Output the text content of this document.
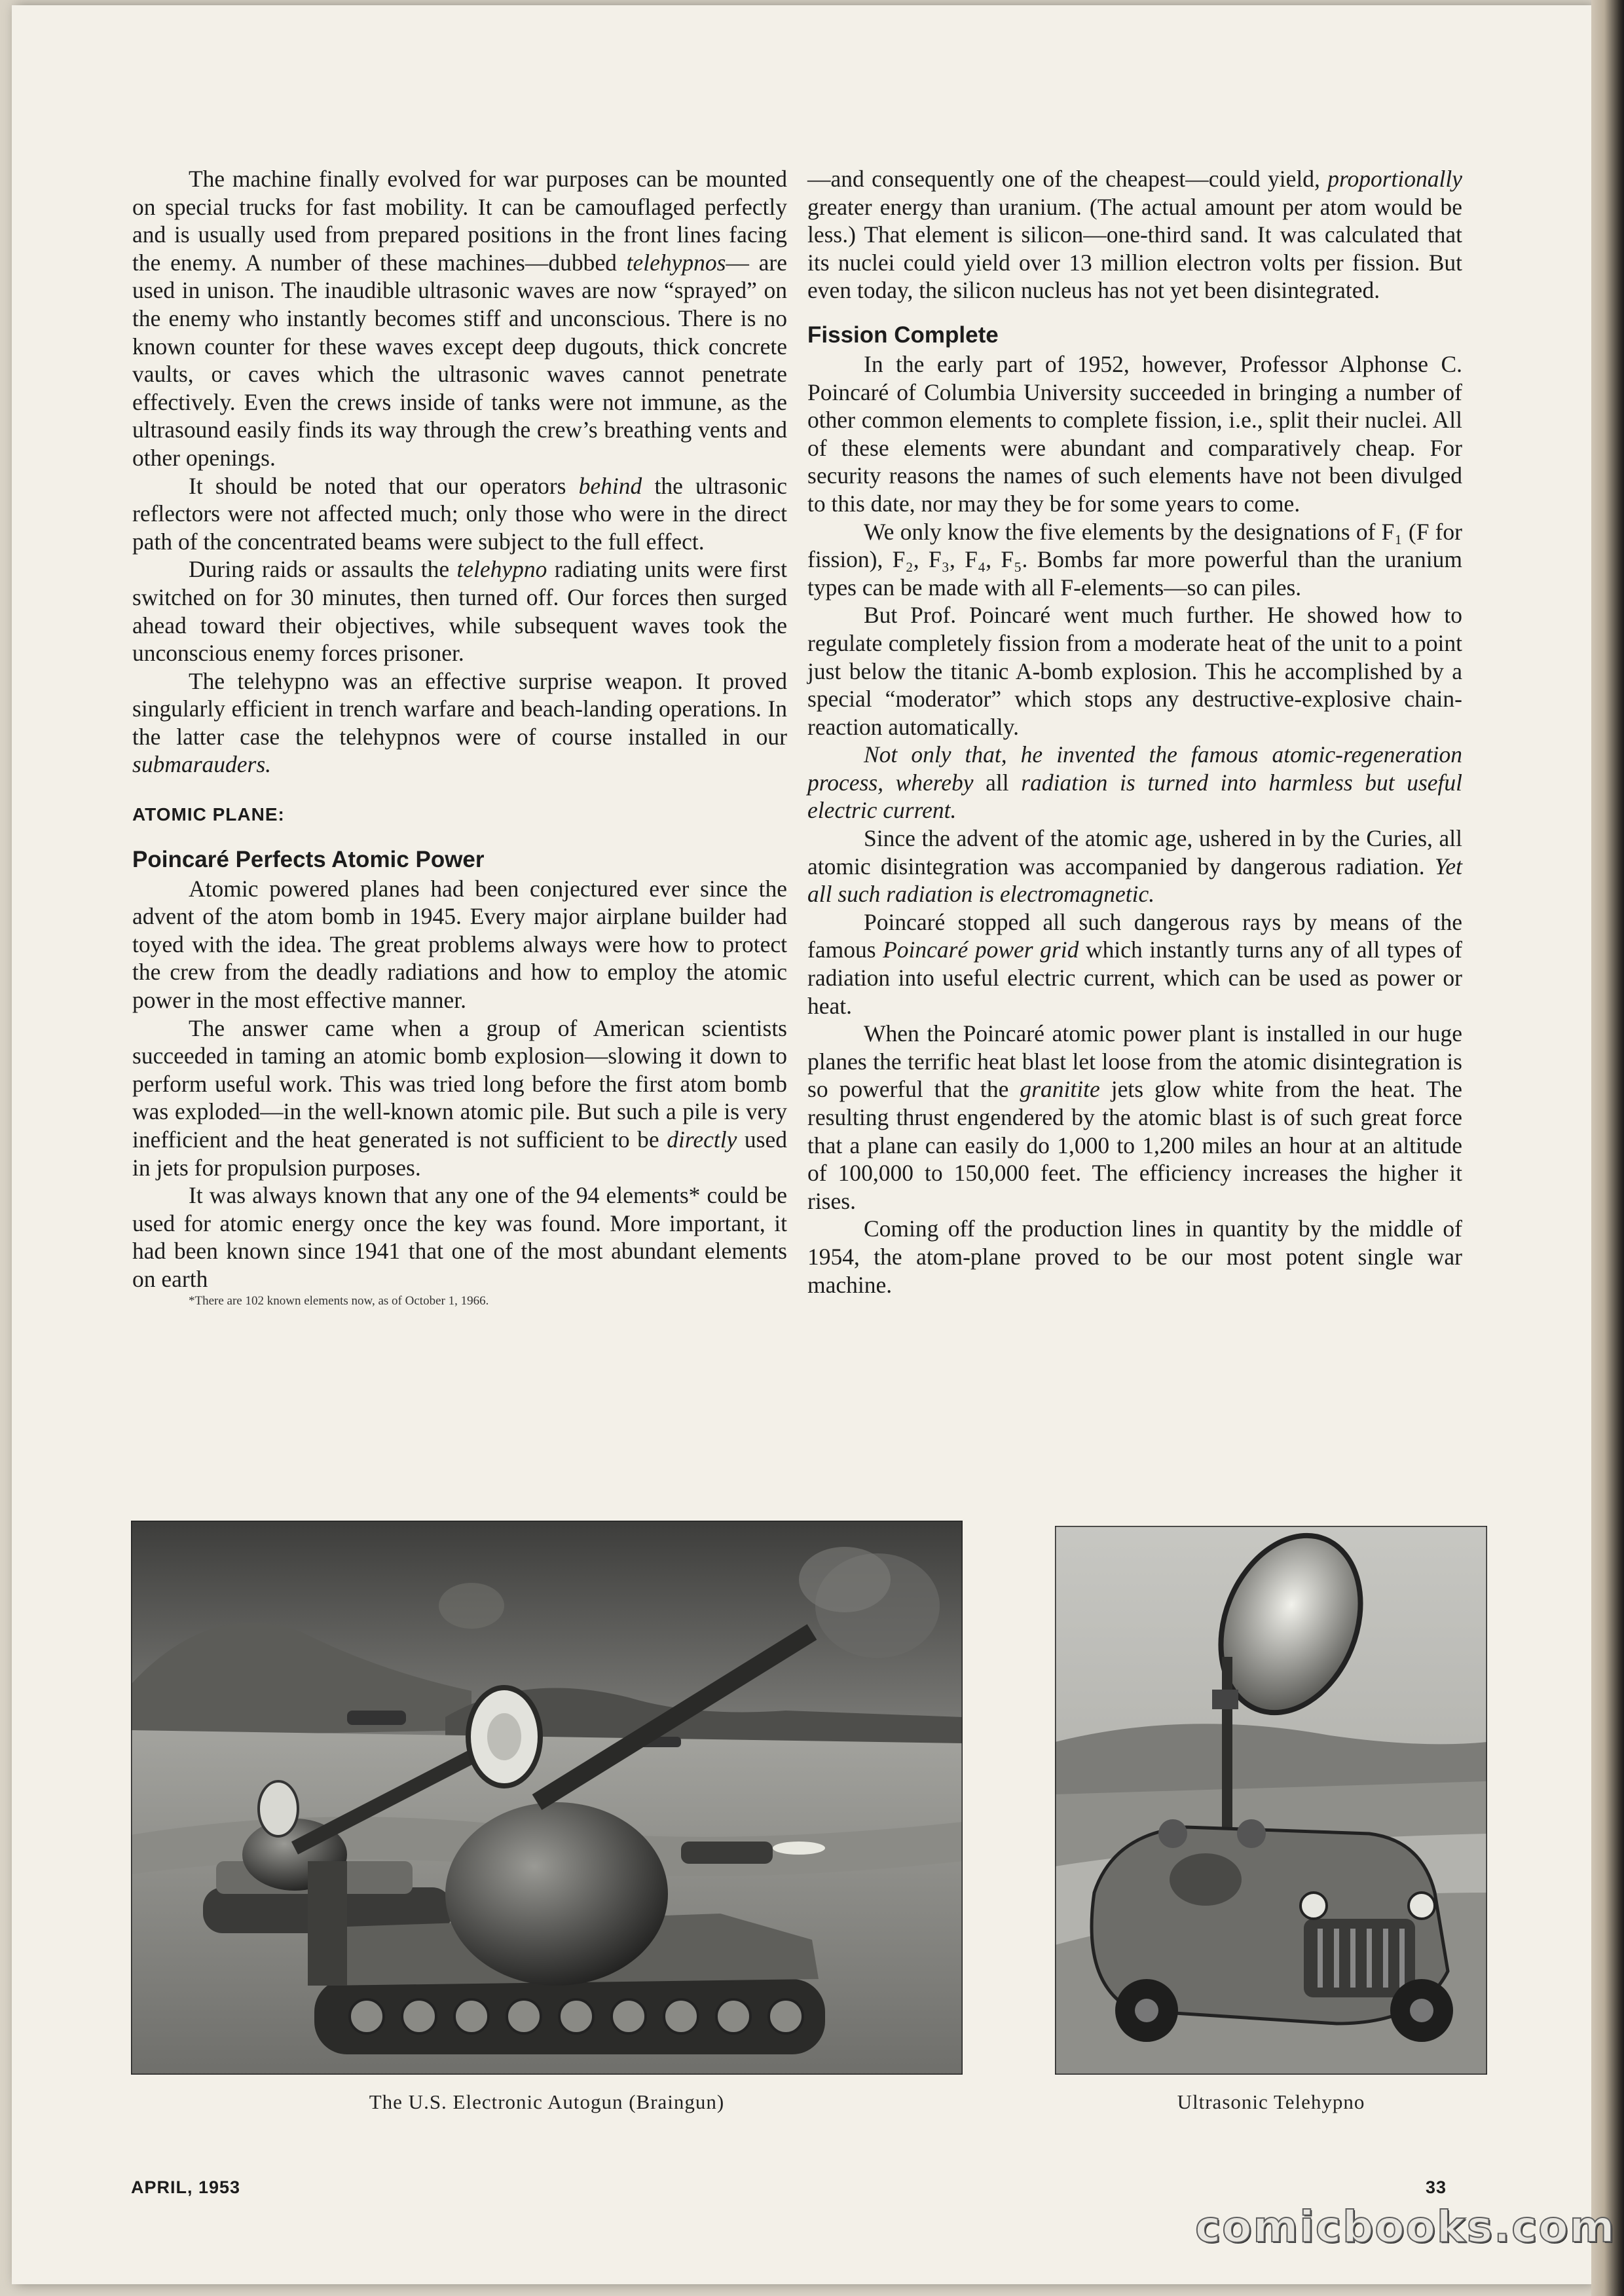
The machine finally evolved for war purposes can be mounted on special trucks for fast mobility. It can be camouflaged perfectly and is usually used from prepared positions in the front lines facing the enemy. A number of these machines—dubbed telehypnos— are used in unison. The inaudible ultrasonic waves are now “sprayed” on the enemy who instantly becomes stiff and unconscious. There is no known counter for these waves except deep dugouts, thick concrete vaults, or caves which the ultrasonic waves cannot penetrate effectively. Even the crews inside of tanks were not immune, as the ultrasound easily finds its way through the crew’s breathing vents and other openings.

It should be noted that our operators behind the ultrasonic reflectors were not affected much; only those who were in the direct path of the concentrated beams were subject to the full effect.

During raids or assaults the telehypno radiating units were first switched on for 30 minutes, then turned off. Our forces then surged ahead toward their objectives, while subsequent waves took the unconscious enemy forces prisoner.

The telehypno was an effective surprise weapon. It proved singularly efficient in trench warfare and beach-landing operations. In the latter case the telehypnos were of course installed in our submarauders.

ATOMIC PLANE:
Poincaré Perfects Atomic Power

Atomic powered planes had been conjectured ever since the advent of the atom bomb in 1945. Every major airplane builder had toyed with the idea. The great problems always were how to protect the crew from the deadly radiations and how to employ the atomic power in the most effective manner.

The answer came when a group of American scientists succeeded in taming an atomic bomb explosion—slowing it down to perform useful work. This was tried long before the first atom bomb was exploded—in the well-known atomic pile. But such a pile is very inefficient and the heat generated is not sufficient to be directly used in jets for propulsion purposes.

It was always known that any one of the 94 elements* could be used for atomic energy once the key was found. More important, it had been known since 1941 that one of the most abundant elements on earth

*There are 102 known elements now, as of October 1, 1966.

—and consequently one of the cheapest—could yield, proportionally greater energy than uranium. (The actual amount per atom would be less.) That element is silicon—one-third sand. It was calculated that its nuclei could yield over 13 million electron volts per fission. But even today, the silicon nucleus has not yet been disintegrated.

Fission Complete

In the early part of 1952, however, Professor Alphonse C. Poincaré of Columbia University succeeded in bringing a number of other common elements to complete fission, i.e., split their nuclei. All of these elements were abundant and comparatively cheap. For security reasons the names of such elements have not been divulged to this date, nor may they be for some years to come.

We only know the five elements by the designations of F₁ (F for fission), F₂, F₃, F₄, F₅. Bombs far more powerful than the uranium types can be made with all F-elements—so can piles.

But Prof. Poincaré went much further. He showed how to regulate completely fission from a moderate heat of the unit to a point just below the titanic A-bomb explosion. This he accomplished by a special “moderator” which stops any destructive-explosive chain-reaction automatically.

Not only that, he invented the famous atomic-regeneration process, whereby all radiation is turned into harmless but useful electric current.

Since the advent of the atomic age, ushered in by the Curies, all atomic disintegration was accompanied by dangerous radiation. Yet all such radiation is electromagnetic.

Poincaré stopped all such dangerous rays by means of the famous Poincaré power grid which instantly turns any of all types of radiation into useful electric current, which can be used as power or heat.

When the Poincaré atomic power plant is installed in our huge planes the terrific heat blast let loose from the atomic disintegration is so powerful that the granitite jets glow white from the heat. The resulting thrust engendered by the atomic blast is of such great force that a plane can easily do 1,000 to 1,200 miles an hour at an altitude of 100,000 to 150,000 feet. The efficiency increases the higher it rises.

Coming off the production lines in quantity by the middle of 1954, the atom-plane proved to be our most potent single war machine.

The U.S. Electronic Autogun (Braingun)	Ultrasonic Telehypno
APRIL, 1953	33
comicbooks.com
